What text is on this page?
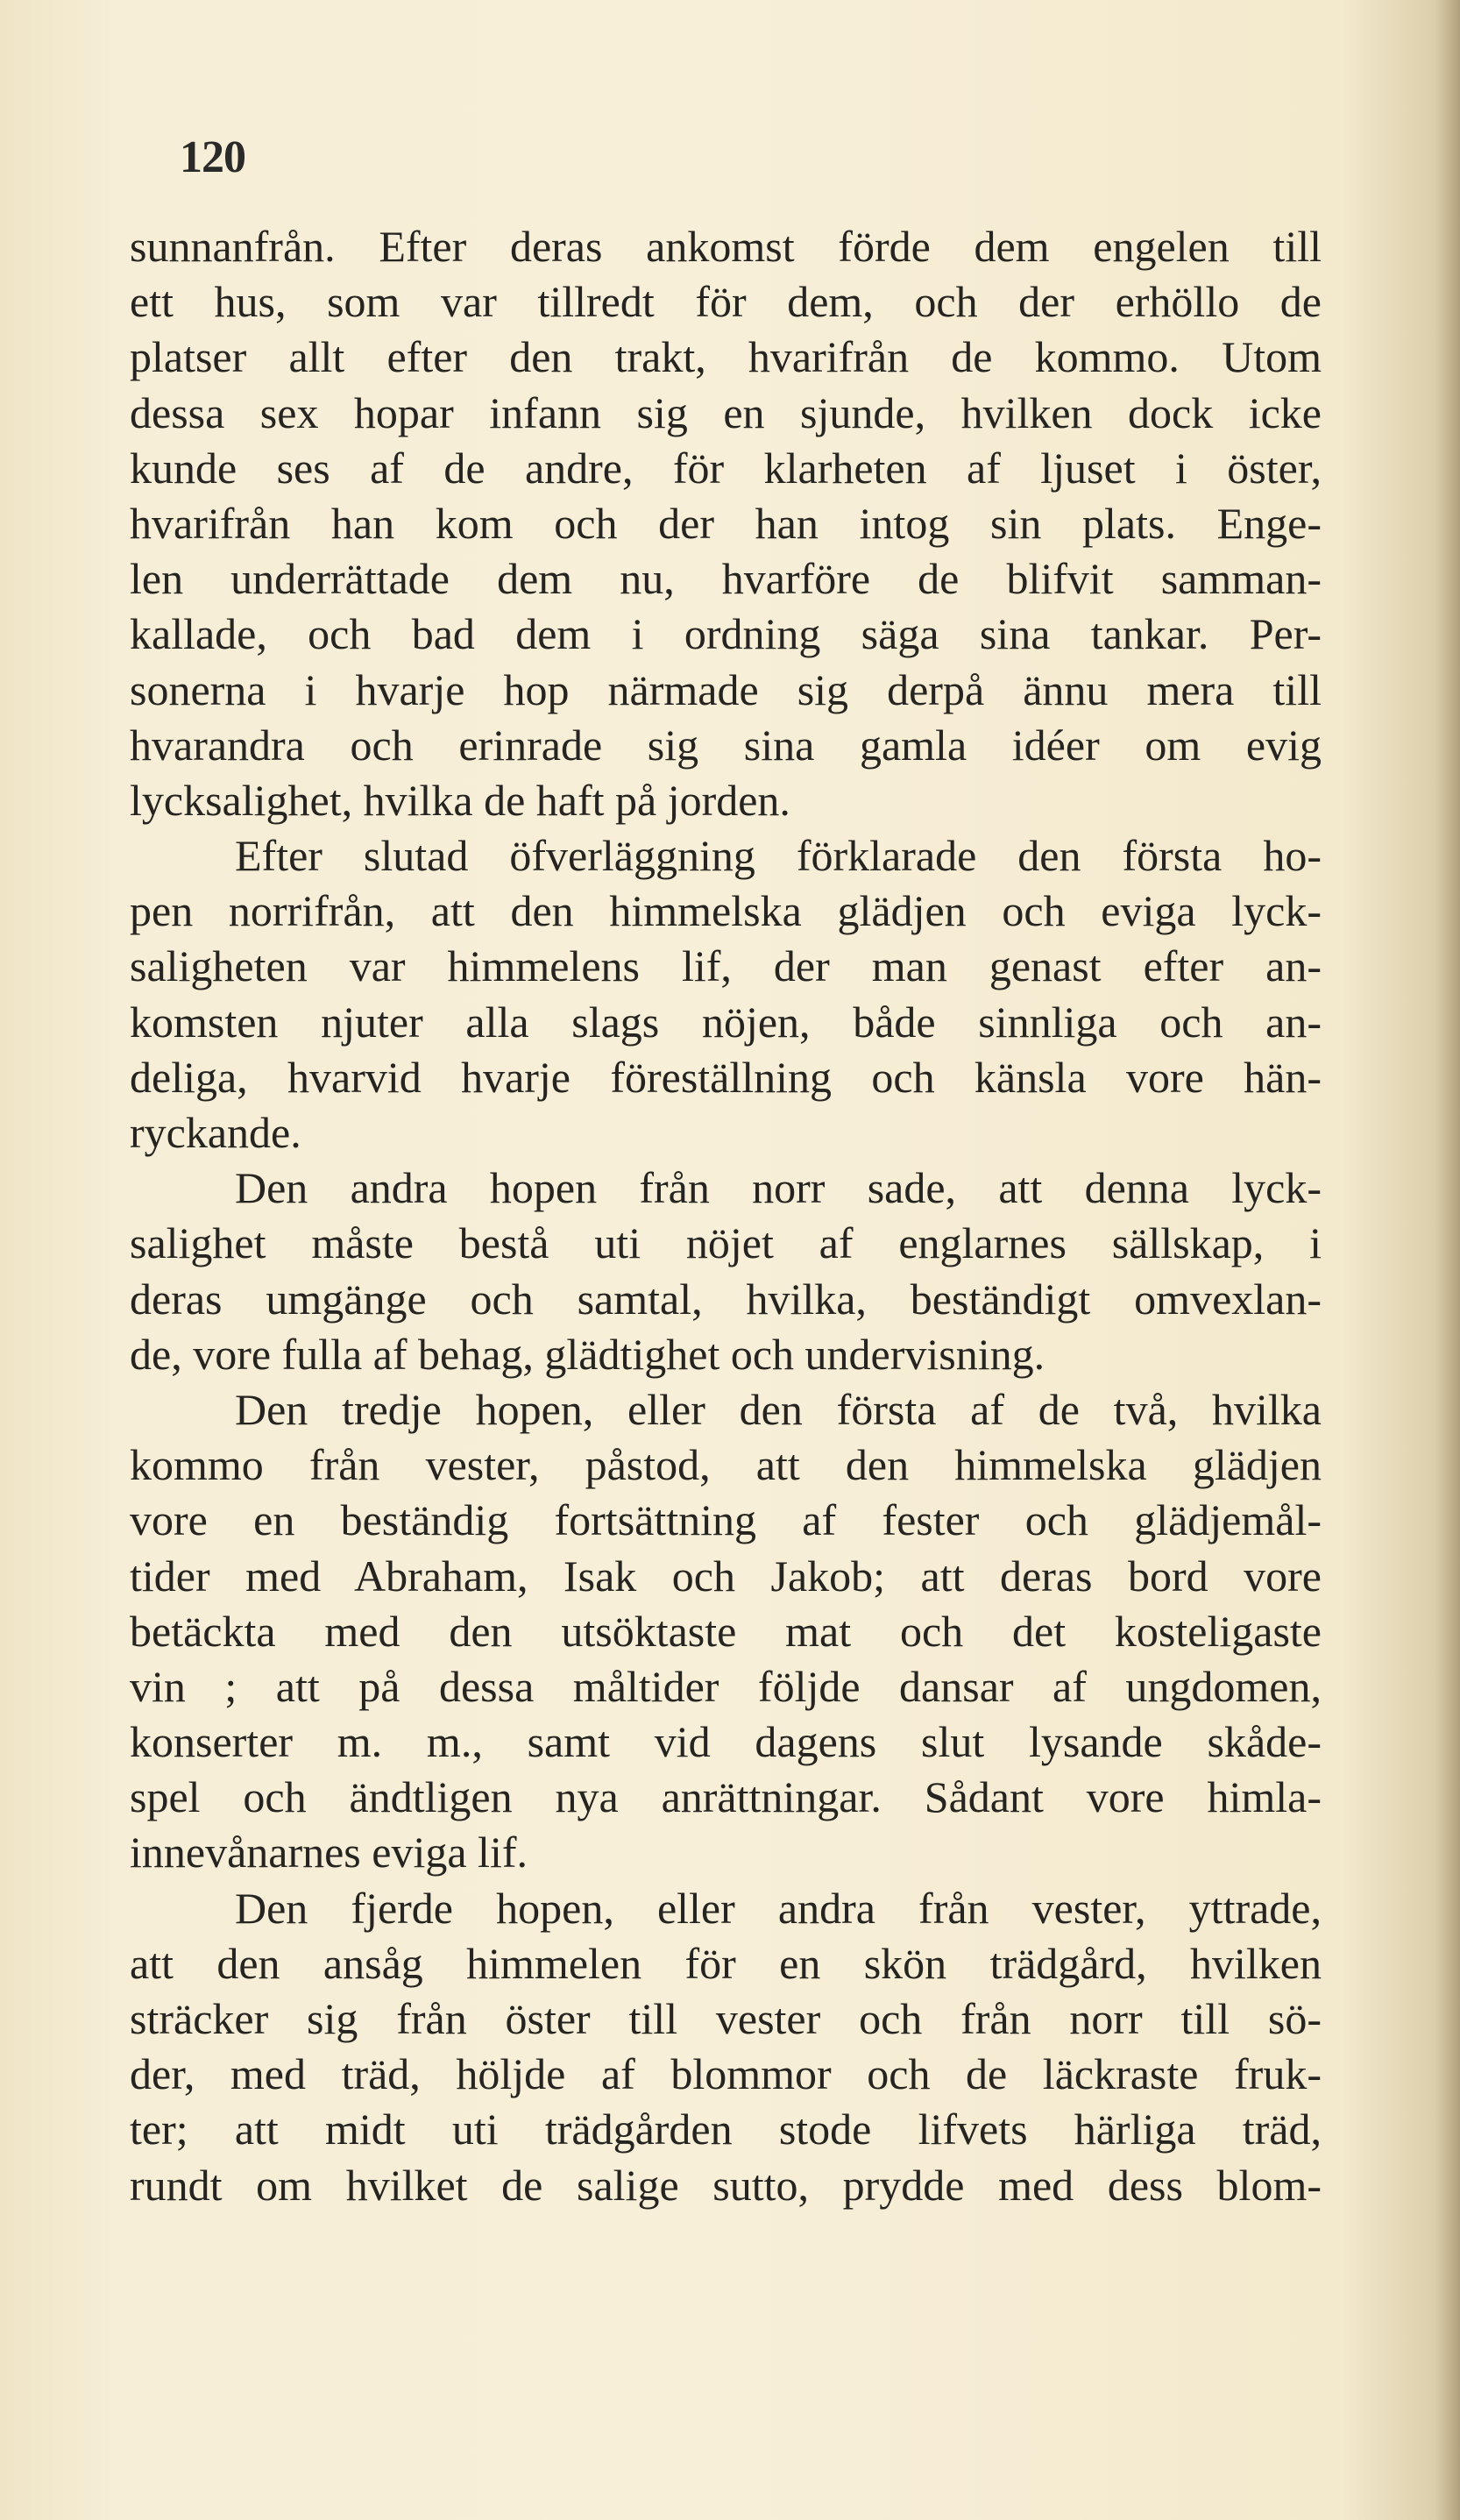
120
sunnanfrån. Efter deras ankomst förde dem engelen till
ett hus, som var tillredt för dem, och der erhöllo de
platser allt efter den trakt, hvarifrån de kommo. Utom
dessa sex hopar infann sig en sjunde, hvilken dock icke
kunde ses af de andre, för klarheten af ljuset i öster,
hvarifrån han kom och der han intog sin plats. Enge-
len underrättade dem nu, hvarföre de blifvit samman-
kallade, och bad dem i ordning säga sina tankar. Per-
sonerna i hvarje hop närmade sig derpå ännu mera till
hvarandra och erinrade sig sina gamla idéer om evig
lycksalighet, hvilka de haft på jorden.
Efter slutad öfverläggning förklarade den första ho-
pen norrifrån, att den himmelska glädjen och eviga lyck-
saligheten var himmelens lif, der man genast efter an-
komsten njuter alla slags nöjen, både sinnliga och an-
deliga, hvarvid hvarje föreställning och känsla vore hän-
ryckande.
Den andra hopen från norr sade, att denna lyck-
salighet måste bestå uti nöjet af englarnes sällskap, i
deras umgänge och samtal, hvilka, beständigt omvexlan-
de, vore fulla af behag, glädtighet och undervisning.
Den tredje hopen, eller den första af de två, hvilka
kommo från vester, påstod, att den himmelska glädjen
vore en beständig fortsättning af fester och glädjemål-
tider med Abraham, Isak och Jakob; att deras bord vore
betäckta med den utsöktaste mat och det kosteligaste
vin ; att på dessa måltider följde dansar af ungdomen,
konserter m. m., samt vid dagens slut lysande skåde-
spel och ändtligen nya anrättningar. Sådant vore himla-
innevånarnes eviga lif.
Den fjerde hopen, eller andra från vester, yttrade,
att den ansåg himmelen för en skön trädgård, hvilken
sträcker sig från öster till vester och från norr till sö-
der, med träd, höljde af blommor och de läckraste fruk-
ter; att midt uti trädgården stode lifvets härliga träd,
rundt om hvilket de salige sutto, prydde med dess blom-
